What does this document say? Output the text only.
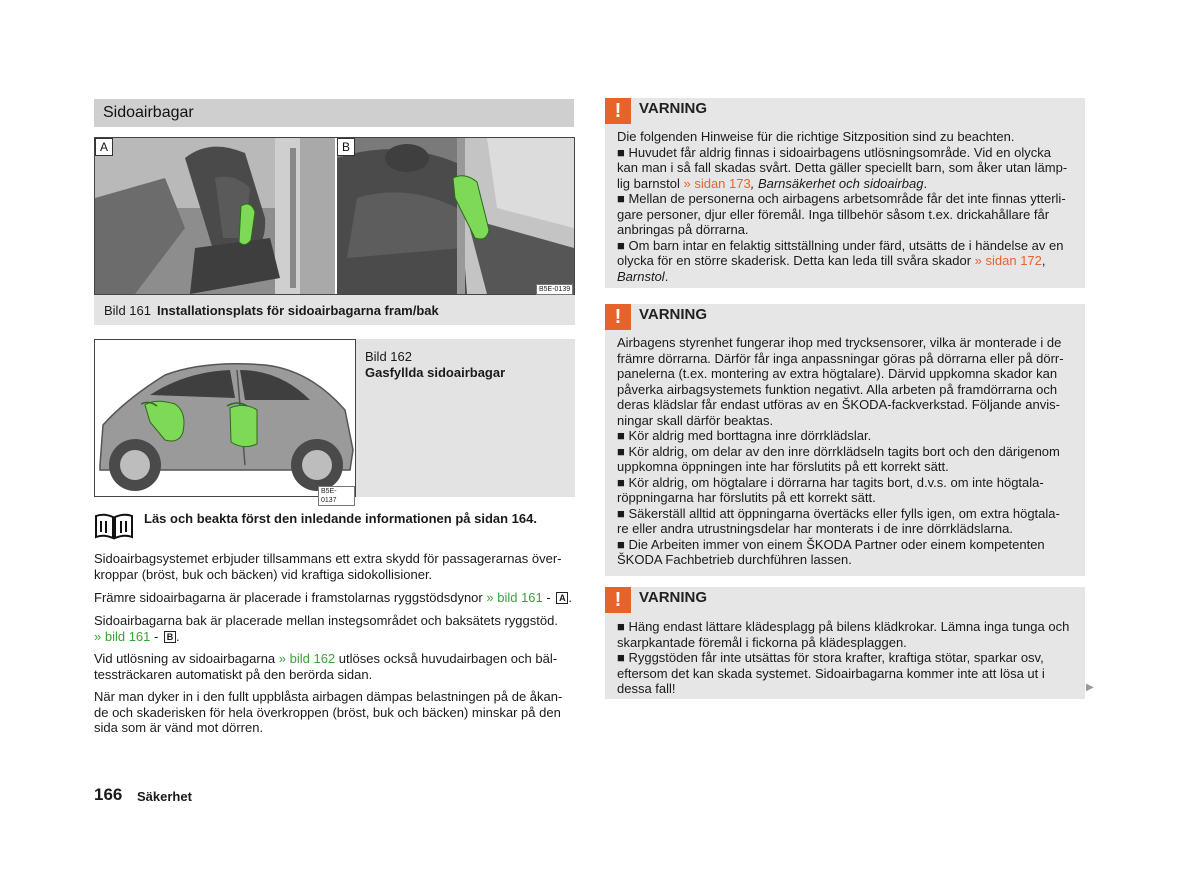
Sidoairbagar
A	B
B5E-0139
Bild 161 Installationsplats för sidoairbagarna fram/bak
B5E-0137
Bild 162
Gasfyllda sidoairbagar
Läs och beakta först den inledande informationen på sidan 164.
Sidoairbagsystemet erbjuder tillsammans ett extra skydd för passagerarnas över-
kroppar (bröst, buk och bäcken) vid kraftiga sidokollisioner.
Främre sidoairbagarna är placerade i framstolarnas ryggstödsdynor » bild 161 - A .
Sidoairbagarna bak är placerade mellan instegsområdet och baksätets ryggstöd.
» bild 161 - B .
Vid utlösning av sidoairbagarna » bild 162 utlöses också huvudairbagen och bäl-
tessträckaren automatiskt på den berörda sidan.
När man dyker in i den fullt uppblåsta airbagen dämpas belastningen på de åkan-
de och skaderisken för hela överkroppen (bröst, buk och bäcken) minskar på den
sida som är vänd mot dörren.
166 Säkerhet
!	VARNING
Die folgenden Hinweise für die richtige Sitzposition sind zu beachten.
■ Huvudet får aldrig finnas i sidoairbagens utlösningsområde. Vid en olycka
kan man i så fall skadas svårt. Detta gäller speciellt barn, som åker utan lämp-
lig barnstol » sidan 173, Barnsäkerhet och sidoairbag.
■ Mellan de personerna och airbagens arbetsområde får det inte finnas ytterli-
gare personer, djur eller föremål. Inga tillbehör såsom t.ex. drickahållare får
anbringas på dörrarna.
■ Om barn intar en felaktig sittställning under färd, utsätts de i händelse av en
olycka för en större skaderisk. Detta kan leda till svåra skador » sidan 172,
Barnstol.
!	VARNING
Airbagens styrenhet fungerar ihop med trycksensorer, vilka är monterade i de
främre dörrarna. Därför får inga anpassningar göras på dörrarna eller på dörr-
panelerna (t.ex. montering av extra högtalare). Därvid uppkomna skador kan
påverka airbagsystemets funktion negativt. Alla arbeten på framdörrarna och
deras klädslar får endast utföras av en ŠKODA-fackverkstad. Följande anvis-
ningar skall därför beaktas.
■ Kör aldrig med borttagna inre dörrklädslar.
■ Kör aldrig, om delar av den inre dörrklädseln tagits bort och den därigenom
uppkomna öppningen inte har förslutits på ett korrekt sätt.
■ Kör aldrig, om högtalare i dörrarna har tagits bort, d.v.s. om inte högtala-
röppningarna har förslutits på ett korrekt sätt.
■ Säkerställ alltid att öppningarna övertäcks eller fylls igen, om extra högtala-
re eller andra utrustningsdelar har monterats i de inre dörrklädslarna.
■ Die Arbeiten immer von einem ŠKODA Partner oder einem kompetenten
ŠKODA Fachbetrieb durchführen lassen.
!	VARNING
■ Häng endast lättare klädesplagg på bilens klädkrokar. Lämna inga tunga och
skarpkantade föremål i fickorna på klädesplaggen.
■ Ryggstöden får inte utsättas för stora krafter, kraftiga stötar, sparkar osv,
eftersom det kan skada systemet. Sidoairbagarna kommer inte att lösa ut i
dessa fall!	▶
